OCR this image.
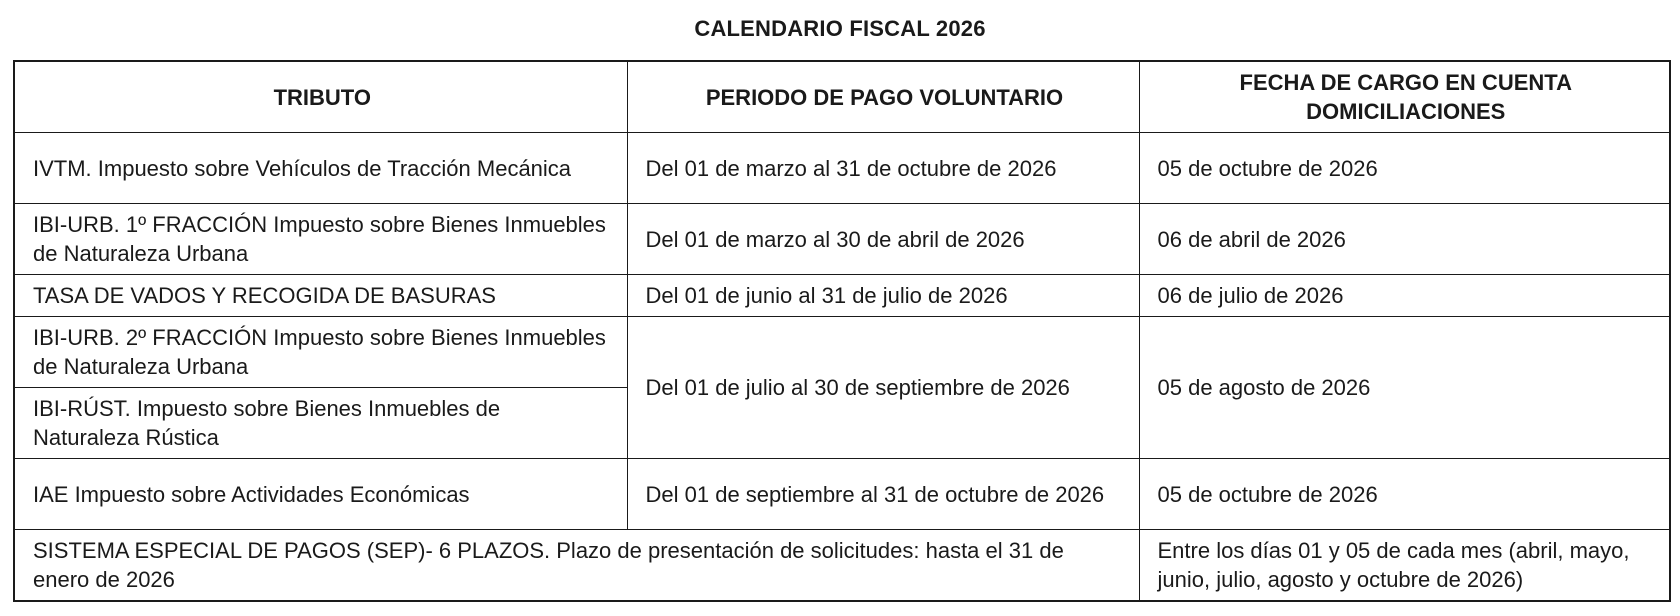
CALENDARIO FISCAL 2026
TRIBUTO	PERIODO DE PAGO VOLUNTARIO	FECHA DE CARGO EN CUENTA
DOMICILIACIONES

IVTM. Impuesto sobre Vehículos de Tracción Mecánica	Del 01 de marzo al 31 de octubre de 2026	05 de octubre de 2026
IBI-URB. 1º FRACCIÓN Impuesto sobre Bienes Inmuebles de Naturaleza Urbana	Del 01 de marzo al 30 de abril de 2026	06 de abril de 2026
TASA DE VADOS Y RECOGIDA DE BASURAS	Del 01 de junio al 31 de julio de 2026	06 de julio de 2026
IBI-URB. 2º FRACCIÓN Impuesto sobre Bienes Inmuebles de Naturaleza Urbana	Del 01 de julio al 30 de septiembre de 2026	05 de agosto de 2026
IBI-RÚST. Impuesto sobre Bienes Inmuebles de Naturaleza Rústica		
IAE Impuesto sobre Actividades Económicas	Del 01 de septiembre al 31 de octubre de 2026	05 de octubre de 2026
SISTEMA ESPECIAL DE PAGOS (SEP)- 6 PLAZOS. Plazo de presentación de solicitudes: hasta el 31 de enero de 2026		Entre los días 01 y 05 de cada mes (abril, mayo, junio, julio, agosto y octubre de 2026)
